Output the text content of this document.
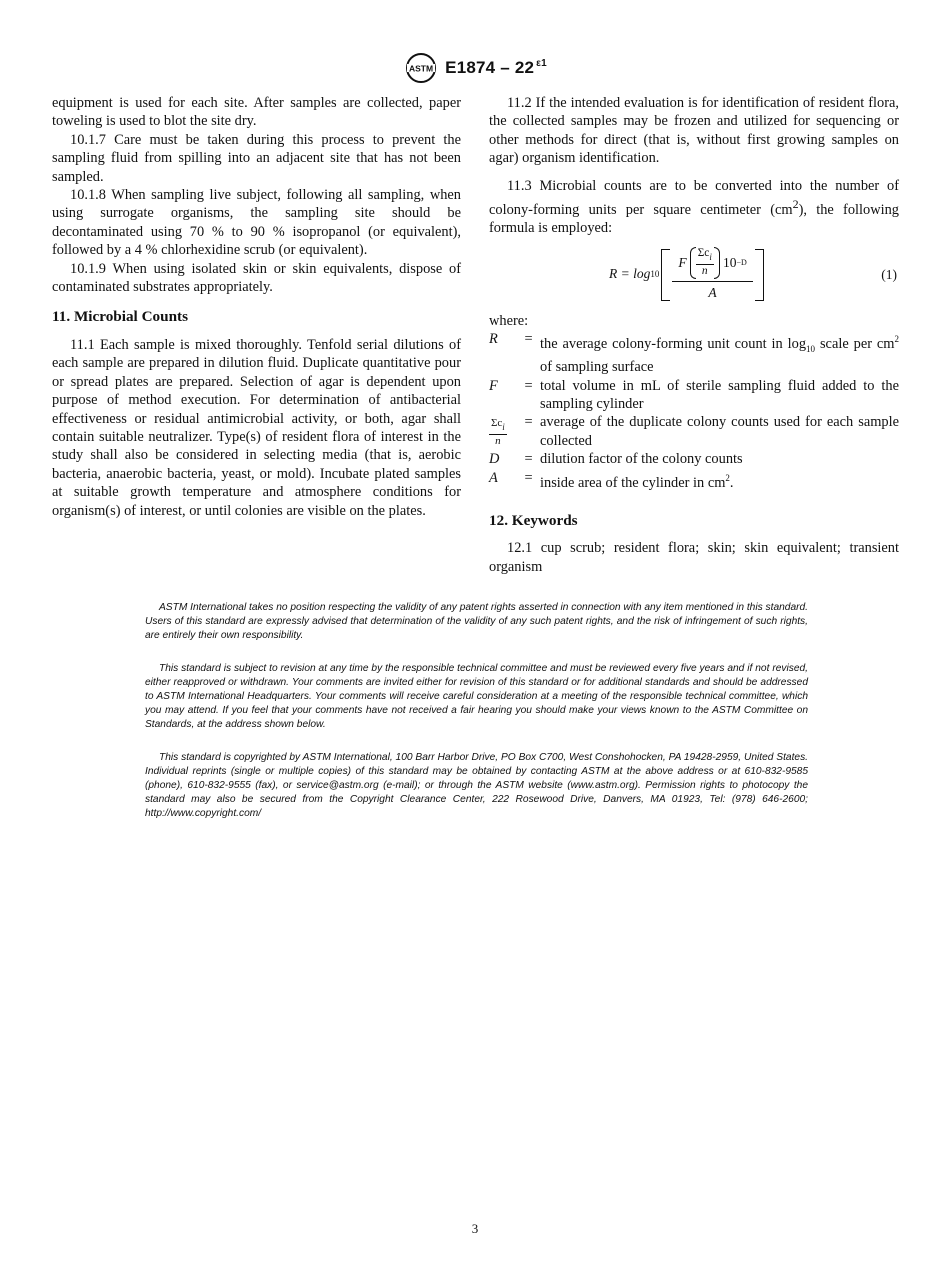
ASTM E1874 – 22 $^{\varepsilon 1}$

equipment is used for each site. After samples are collected, paper toweling is used to blot the site dry.

10.1.7 Care must be taken during this process to prevent the sampling fluid from spilling into an adjacent site that has not been sampled.

10.1.8 When sampling live subject, following all sampling, when using surrogate organisms, the sampling site should be decontaminated using 70 % to 90 % isopropanol (or equivalent), followed by a 4 % chlorhexidine scrub (or equivalent).

10.1.9 When using isolated skin or skin equivalents, dispose of contaminated substrates appropriately.

11. Microbial Counts

11.1 Each sample is mixed thoroughly. Tenfold serial dilutions of each sample are prepared in dilution fluid. Duplicate quantitative pour or spread plates are prepared. Selection of agar is dependent upon purpose of method execution. For determination of antibacterial effectiveness or residual antimicrobial activity, or both, agar shall contain suitable neutralizer. Type(s) of resident flora of interest in the study shall also be considered in selecting media (that is, aerobic bacteria, anaerobic bacteria, yeast, or mold). Incubate plated samples at suitable growth temperature and atmosphere conditions for organism(s) of interest, or until colonies are visible on the plates.

11.2 If the intended evaluation is for identification of resident flora, the collected samples may be frozen and utilized for sequencing or other methods for direct (that is, without first growing samples on agar) organism identification.

11.3 Microbial counts are to be converted into the number of colony-forming units per square centimeter $(cm^2)$, the following formula is employed:

R = log 10
F
$\Sigma c_i$
n
10 −D
A
(1)

where:

R	=	the average colony-forming unit count in $\log_{10}$ scale per $cm^2$ of sampling surface
F	=	total volume in mL of sterile sampling fluid added to the sampling cylinder

$\Sigma c_i$
n	=	average of the duplicate colony counts used for each sample collected
D	=	dilution factor of the colony counts
A	=	inside area of the cylinder in $cm^2$.
12. Keywords

12.1 cup scrub; resident flora; skin; skin equivalent; transient organism

ASTM International takes no position respecting the validity of any patent rights asserted in connection with any item mentioned in this standard. Users of this standard are expressly advised that determination of the validity of any such patent rights, and the risk of infringement of such rights, are entirely their own responsibility.
This standard is subject to revision at any time by the responsible technical committee and must be reviewed every five years and if not revised, either reapproved or withdrawn. Your comments are invited either for revision of this standard or for additional standards and should be addressed to ASTM International Headquarters. Your comments will receive careful consideration at a meeting of the responsible technical committee, which you may attend. If you feel that your comments have not received a fair hearing you should make your views known to the ASTM Committee on Standards, at the address shown below.
This standard is copyrighted by ASTM International, 100 Barr Harbor Drive, PO Box C700, West Conshohocken, PA 19428-2959, United States. Individual reprints (single or multiple copies) of this standard may be obtained by contacting ASTM at the above address or at 610-832-9585 (phone), 610-832-9555 (fax), or service@astm.org (e-mail); or through the ASTM website (www.astm.org). Permission rights to photocopy the standard may also be secured from the Copyright Clearance Center, 222 Rosewood Drive, Danvers, MA 01923, Tel: (978) 646-2600; http://www.copyright.com/
3
